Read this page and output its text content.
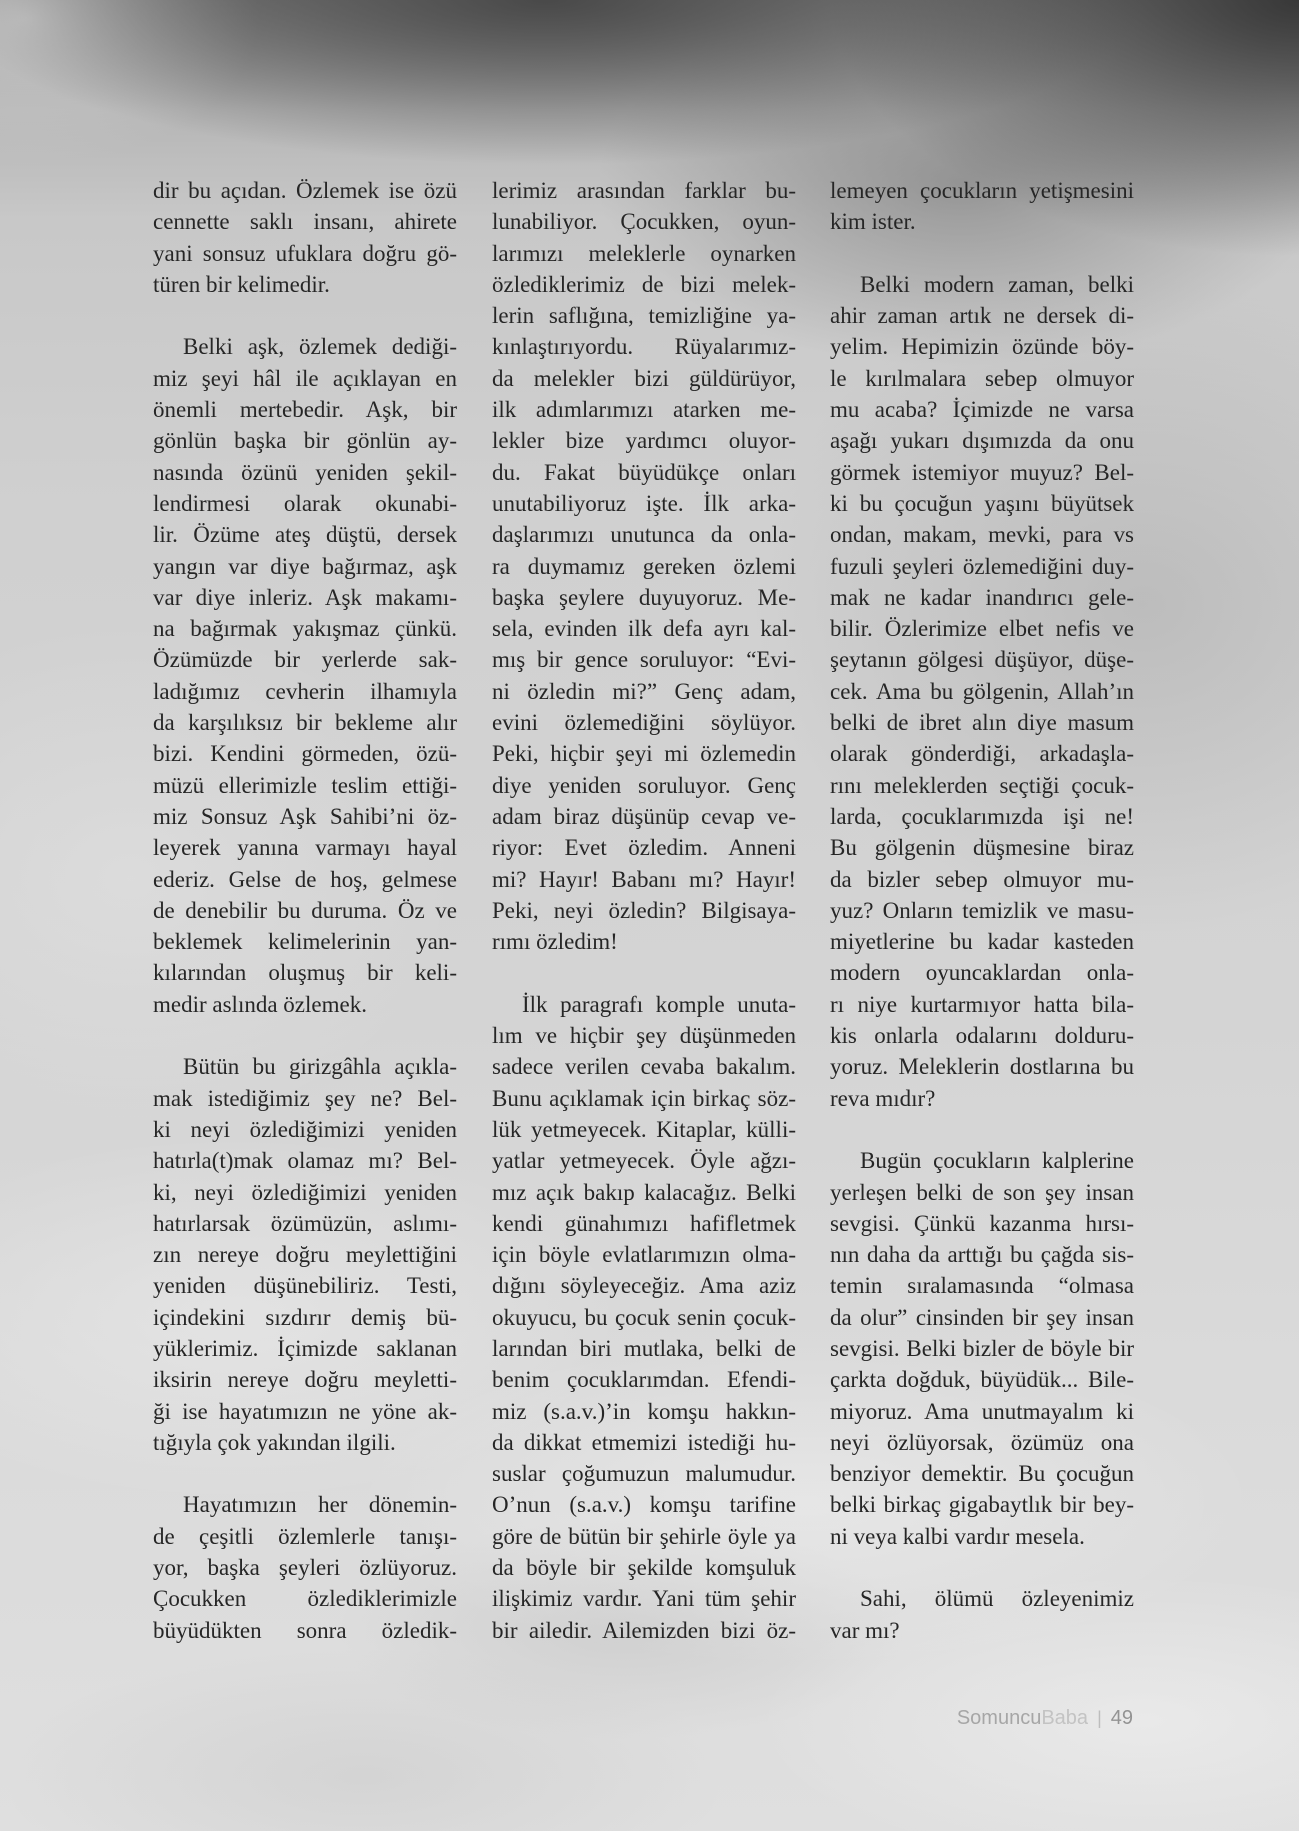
dir bu açıdan. Özlemek ise özü
cennette saklı insanı, ahirete
yani sonsuz ufuklara doğru gö-
türen bir kelimedir.
Belki aşk, özlemek dediği-
miz şeyi hâl ile açıklayan en
önemli mertebedir. Aşk, bir
gönlün başka bir gönlün ay-
nasında özünü yeniden şekil-
lendirmesi olarak okunabi-
lir. Özüme ateş düştü, dersek
yangın var diye bağırmaz, aşk
var diye inleriz. Aşk makamı-
na bağırmak yakışmaz çünkü.
Özümüzde bir yerlerde sak-
ladığımız cevherin ilhamıyla
da karşılıksız bir bekleme alır
bizi. Kendini görmeden, özü-
müzü ellerimizle teslim ettiği-
miz Sonsuz Aşk Sahibi’ni öz-
leyerek yanına varmayı hayal
ederiz. Gelse de hoş, gelmese
de denebilir bu duruma. Öz ve
beklemek kelimelerinin yan-
kılarından oluşmuş bir keli-
medir aslında özlemek.
Bütün bu girizgâhla açıkla-
mak istediğimiz şey ne? Bel-
ki neyi özlediğimizi yeniden
hatırla(t)mak olamaz mı? Bel-
ki, neyi özlediğimizi yeniden
hatırlarsak özümüzün, aslımı-
zın nereye doğru meylettiğini
yeniden düşünebiliriz. Testi,
içindekini sızdırır demiş bü-
yüklerimiz. İçimizde saklanan
iksirin nereye doğru meyletti-
ği ise hayatımızın ne yöne ak-
tığıyla çok yakından ilgili.
Hayatımızın her dönemin-
de çeşitli özlemlerle tanışı-
yor, başka şeyleri özlüyoruz.
Çocukken özlediklerimizle
büyüdükten sonra özledik-
lerimiz arasından farklar bu-
lunabiliyor. Çocukken, oyun-
larımızı meleklerle oynarken
özlediklerimiz de bizi melek-
lerin saflığına, temizliğine ya-
kınlaştırıyordu. Rüyalarımız-
da melekler bizi güldürüyor,
ilk adımlarımızı atarken me-
lekler bize yardımcı oluyor-
du. Fakat büyüdükçe onları
unutabiliyoruz işte. İlk arka-
daşlarımızı unutunca da onla-
ra duymamız gereken özlemi
başka şeylere duyuyoruz. Me-
sela, evinden ilk defa ayrı kal-
mış bir gence soruluyor: “Evi-
ni özledin mi?” Genç adam,
evini özlemediğini söylüyor.
Peki, hiçbir şeyi mi özlemedin
diye yeniden soruluyor. Genç
adam biraz düşünüp cevap ve-
riyor: Evet özledim. Anneni
mi? Hayır! Babanı mı? Hayır!
Peki, neyi özledin? Bilgisaya-
rımı özledim!
İlk paragrafı komple unuta-
lım ve hiçbir şey düşünmeden
sadece verilen cevaba bakalım.
Bunu açıklamak için birkaç söz-
lük yetmeyecek. Kitaplar, külli-
yatlar yetmeyecek. Öyle ağzı-
mız açık bakıp kalacağız. Belki
kendi günahımızı hafifletmek
için böyle evlatlarımızın olma-
dığını söyleyeceğiz. Ama aziz
okuyucu, bu çocuk senin çocuk-
larından biri mutlaka, belki de
benim çocuklarımdan. Efendi-
miz (s.a.v.)’in komşu hakkın-
da dikkat etmemizi istediği hu-
suslar çoğumuzun malumudur.
O’nun (s.a.v.) komşu tarifine
göre de bütün bir şehirle öyle ya
da böyle bir şekilde komşuluk
ilişkimiz vardır. Yani tüm şehir
bir ailedir. Ailemizden bizi öz-
lemeyen çocukların yetişmesini
kim ister.
Belki modern zaman, belki
ahir zaman artık ne dersek di-
yelim. Hepimizin özünde böy-
le kırılmalara sebep olmuyor
mu acaba? İçimizde ne varsa
aşağı yukarı dışımızda da onu
görmek istemiyor muyuz? Bel-
ki bu çocuğun yaşını büyütsek
ondan, makam, mevki, para vs
fuzuli şeyleri özlemediğini duy-
mak ne kadar inandırıcı gele-
bilir. Özlerimize elbet nefis ve
şeytanın gölgesi düşüyor, düşe-
cek. Ama bu gölgenin, Allah’ın
belki de ibret alın diye masum
olarak gönderdiği, arkadaşla-
rını meleklerden seçtiği çocuk-
larda, çocuklarımızda işi ne!
Bu gölgenin düşmesine biraz
da bizler sebep olmuyor mu-
yuz? Onların temizlik ve masu-
miyetlerine bu kadar kasteden
modern oyuncaklardan onla-
rı niye kurtarmıyor hatta bila-
kis onlarla odalarını dolduru-
yoruz. Meleklerin dostlarına bu
reva mıdır?
Bugün çocukların kalplerine
yerleşen belki de son şey insan
sevgisi. Çünkü kazanma hırsı-
nın daha da arttığı bu çağda sis-
temin sıralamasında “olmasa
da olur” cinsinden bir şey insan
sevgisi. Belki bizler de böyle bir
çarkta doğduk, büyüdük... Bile-
miyoruz. Ama unutmayalım ki
neyi özlüyorsak, özümüz ona
benziyor demektir. Bu çocuğun
belki birkaç gigabaytlık bir bey-
ni veya kalbi vardır mesela.
Sahi, ölümü özleyenimiz
var mı?
Somuncu Baba | 49
